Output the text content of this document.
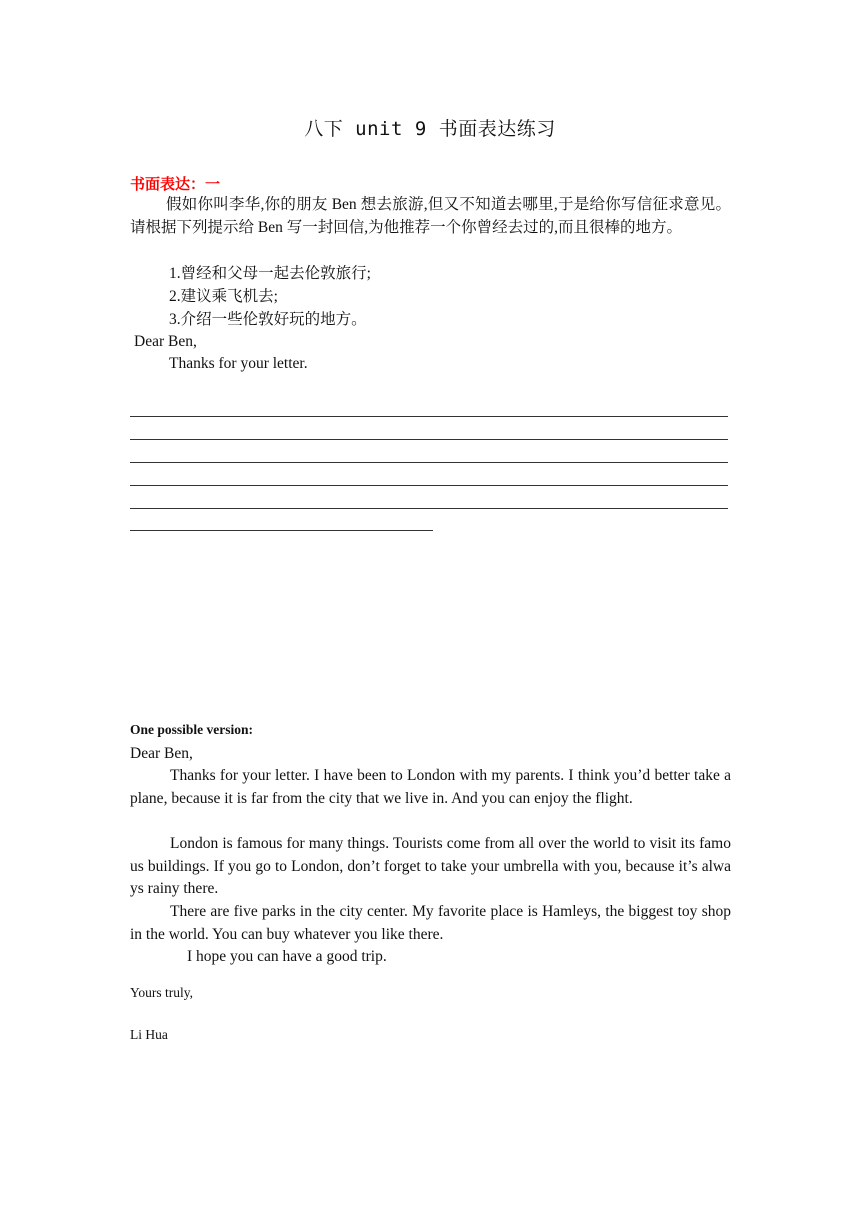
八下 unit 9 书面表达练习
书面表达：一
假如你叫李华,你的朋友 Ben 想去旅游,但又不知道去哪里,于是给你写信征求意见。请根据下列提示给 Ben 写一封回信,为他推荐一个你曾经去过的,而且很棒的地方。
1.曾经和父母一起去伦敦旅行;
2.建议乘飞机去;
3.介绍一些伦敦好玩的地方。
Dear Ben,
Thanks for your letter.
One possible version:
Dear Ben,
Thanks for your letter. I have been to London with my parents. I think you’d better take a plane, because it is far from the city that we live in. And you can enjoy the flight.
London is famous for many things. Tourists come from all over the world to visit its famous buildings. If you go to London, don’t forget to take your umbrella with you, because it’s always rainy there.
There are five parks in the city center. My favorite place is Hamleys, the biggest toy shop in the world. You can buy whatever you like there.
I hope you can have a good trip.
Yours truly,
Li Hua
